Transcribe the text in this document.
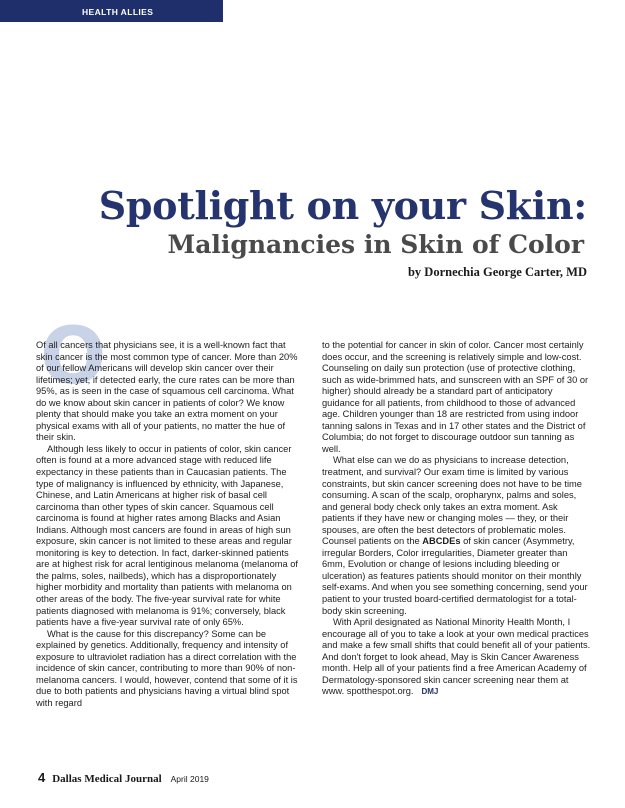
HEALTH ALLIES
Spotlight on your Skin:
Malignancies in Skin of Color
by Dornechia George Carter, MD
O

Of all cancers that physicians see, it is a well-known fact that skin cancer is the most common type of cancer. More than 20% of our fellow Americans will develop skin cancer over their lifetimes; yet, if detected early, the cure rates can be more than 95%, as is seen in the case of squamous cell carcinoma. What do we know about skin cancer in patients of color? We know plenty that should make you take an extra moment on your physical exams with all of your patients, no matter the hue of their skin.

Although less likely to occur in patients of color, skin cancer often is found at a more advanced stage with reduced life expectancy in these patients than in Caucasian patients. The type of malignancy is influenced by ethnicity, with Japanese, Chinese, and Latin Americans at higher risk of basal cell carcinoma than other types of skin cancer. Squamous cell carcinoma is found at higher rates among Blacks and Asian Indians. Although most cancers are found in areas of high sun exposure, skin cancer is not limited to these areas and regular monitoring is key to detection. In fact, darker-skinned patients are at highest risk for acral lentiginous melanoma (melanoma of the palms, soles, nailbeds), which has a disproportionately higher morbidity and mortality than patients with melanoma on other areas of the body. The five-year survival rate for white patients diagnosed with melanoma is 91%; conversely, black patients have a five-year survival rate of only 65%.

What is the cause for this discrepancy? Some can be explained by genetics. Additionally, frequency and intensity of exposure to ultraviolet radiation has a direct correlation with the incidence of skin cancer, contributing to more than 90% of non-melanoma cancers. I would, however, contend that some of it is due to both patients and physicians having a virtual blind spot with regard

to the potential for cancer in skin of color. Cancer most certainly does occur, and the screening is relatively simple and low-cost. Counseling on daily sun protection (use of protective clothing, such as wide-brimmed hats, and sunscreen with an SPF of 30 or higher) should already be a standard part of anticipatory guidance for all patients, from childhood to those of advanced age. Children younger than 18 are restricted from using indoor tanning salons in Texas and in 17 other states and the District of Columbia; do not forget to discourage outdoor sun tanning as well.

What else can we do as physicians to increase detection, treatment, and survival? Our exam time is limited by various constraints, but skin cancer screening does not have to be time consuming. A scan of the scalp, oropharynx, palms and soles, and general body check only takes an extra moment. Ask patients if they have new or changing moles — they, or their spouses, are often the best detectors of problematic moles. Counsel patients on the ABCDEs of skin cancer (Asymmetry, irregular Borders, Color irregularities, Diameter greater than 6mm, Evolution or change of lesions including bleeding or ulceration) as features patients should monitor on their monthly self-exams. And when you see something concerning, send your patient to your trusted board-certified dermatologist for a total-body skin screening.

With April designated as National Minority Health Month, I encourage all of you to take a look at your own medical practices and make a few small shifts that could benefit all of your patients. And don't forget to look ahead, May is Skin Cancer Awareness month. Help all of your patients find a free American Academy of Dermatology-sponsored skin cancer screening near them at www. spotthespot.org. DMJ

4 Dallas Medical Journal April 2019
